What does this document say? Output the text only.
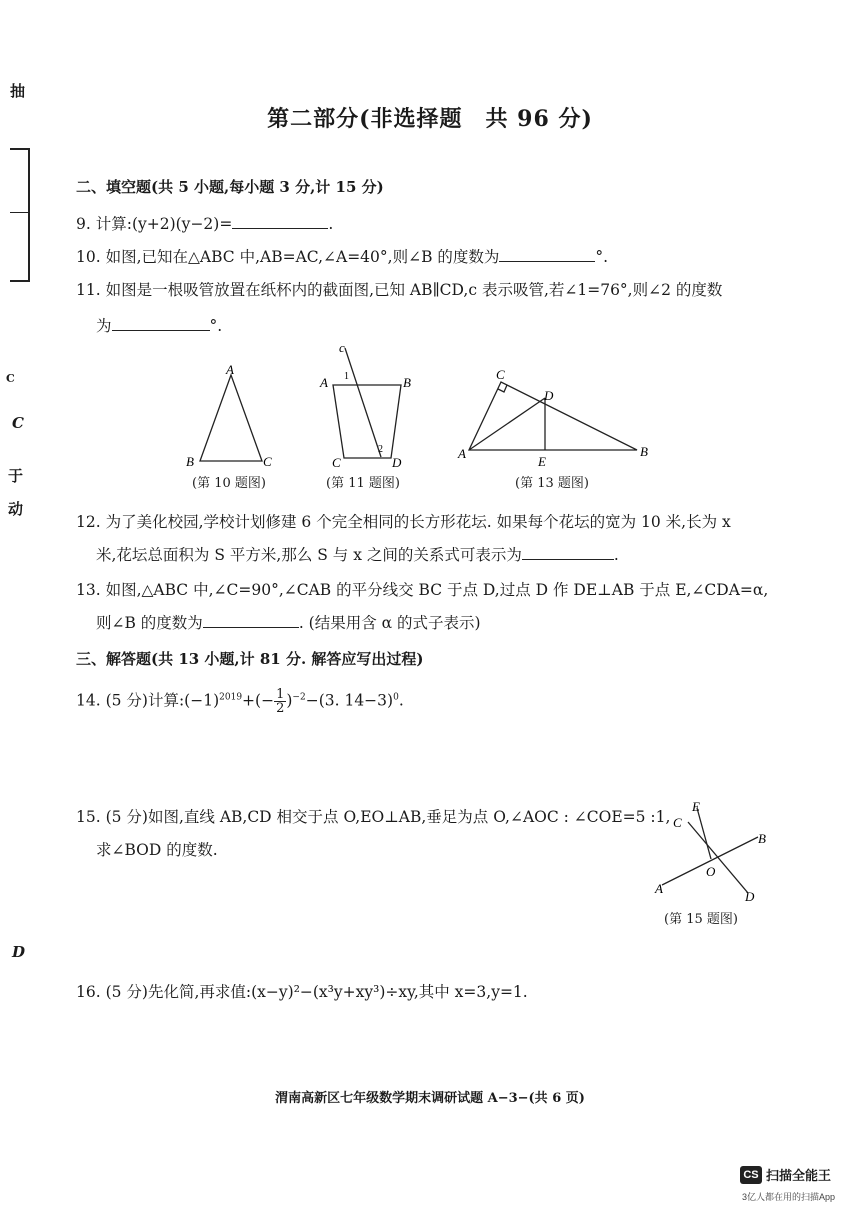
抽
C
C
于
动
D
第二部分(非选择题　共 96 分)
二、填空题(共 5 小题,每小题 3 分,计 15 分)
9. 计算:(y+2)(y−2)=	.
10. 如图,已知在△ABC 中,AB=AC,∠A=40°,则∠B 的度数为	°.
11. 如图是一根吸管放置在纸杯内的截面图,已知 AB∥CD,c 表示吸管,若∠1=76°,则∠2 的度数
为	°.
A
B	C
c
A	B
C	D
1
2
C
D
A
E
B
(第 10 题图)	(第 11 题图)	(第 13 题图)
12. 为了美化校园,学校计划修建 6 个完全相同的长方形花坛. 如果每个花坛的宽为 10 米,长为 x
米,花坛总面积为 S 平方米,那么 S 与 x 之间的关系式可表示为	.
13. 如图,△ABC 中,∠C=90°,∠CAB 的平分线交 BC 于点 D,过点 D 作 DE⊥AB 于点 E,∠CDA=α,
则∠B 的度数为	. (结果用含 α 的式子表示)
三、解答题(共 13 小题,计 81 分. 解答应写出过程)
14. (5 分)计算$:(-1)^{2019}+(- \frac{1}{2} )^{-2}-(3$. 14−3)$^0$.
15. (5 分)如图,直线 AB,CD 相交于点 O,EO⊥AB,垂足为点 O,∠AOC : ∠COE=5 :1,
求∠BOD 的度数.
E
C
B
O
A
D
(第 15 题图)
16. (5 分)先化简,再求值:(x−y)²−(x³y+xy³)÷xy,其中 x=3,y=1.
渭南高新区七年级数学期末调研试题 A−3−(共 6 页)
CS 扫描全能王
3亿人都在用的扫描App
